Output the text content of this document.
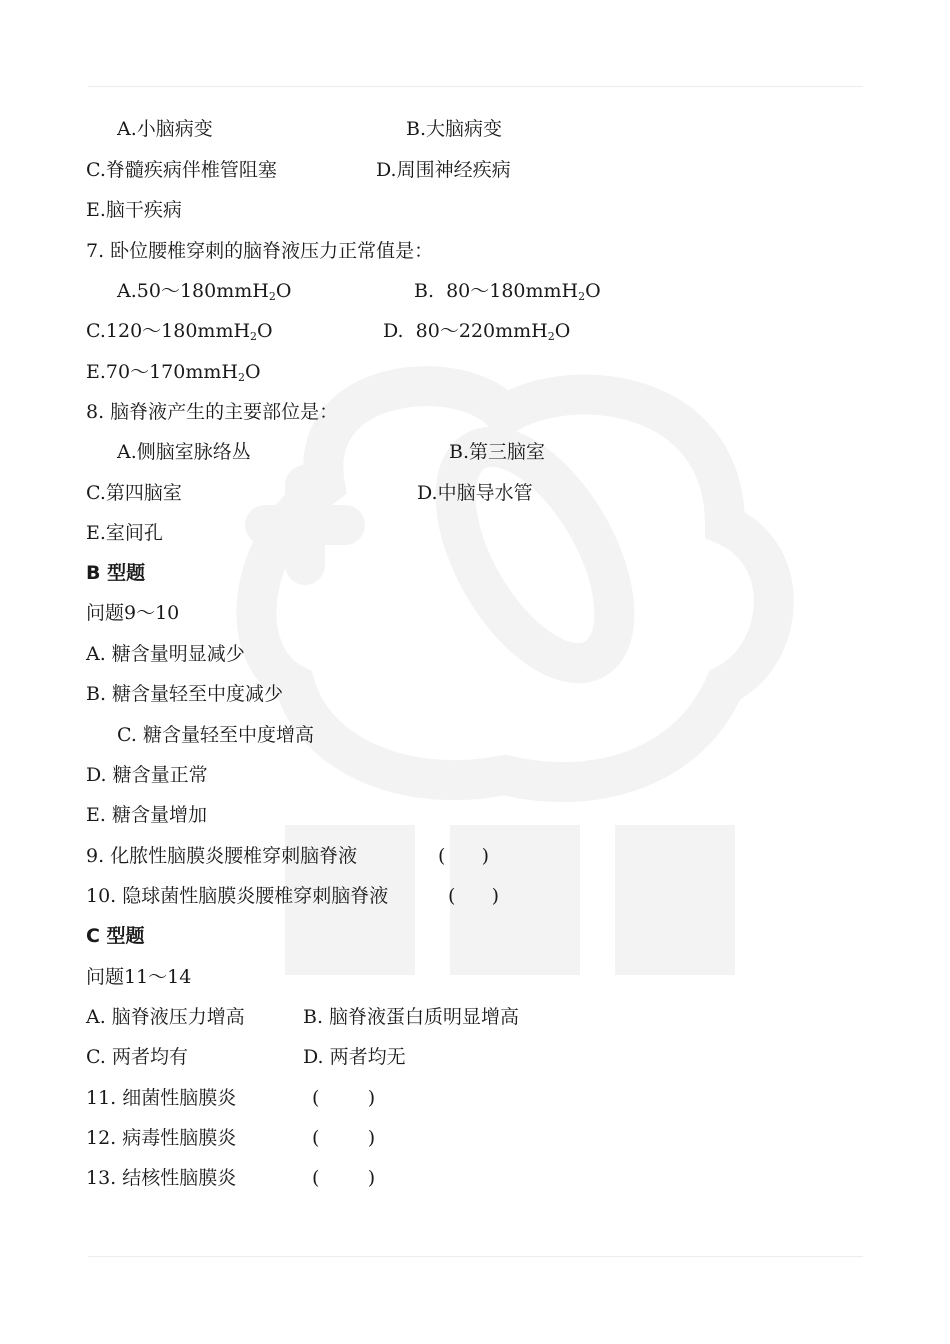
A.小脑病变	B.大脑病变
C.脊髓疾病伴椎管阻塞	D.周围神经疾病
E.脑干疾病
7. 卧位腰椎穿刺的脑脊液压力正常值是：
A.50～180mmH$_2$O	B.  80～180mmH$_2$O
C.120～180mmH$_2$O	D.  80～220mmH$_2$O
E.70～170mmH$_2$O
8. 脑脊液产生的主要部位是：
A.侧脑室脉络丛	B.第三脑室
C.第四脑室	D.中脑导水管
E.室间孔
B 型题
问题9～10
A. 糖含量明显减少
B. 糖含量轻至中度减少
C. 糖含量轻至中度增高
D. 糖含量正常
E. 糖含量增加
9. 化脓性脑膜炎腰椎穿刺脑脊液	(      )
10. 隐球菌性脑膜炎腰椎穿刺脑脊液	(      )
C 型题
问题11～14
A. 脑脊液压力增高	B. 脑脊液蛋白质明显增高
C. 两者均有	D. 两者均无
11. 细菌性脑膜炎	(        )
12. 病毒性脑膜炎	(        )
13. 结核性脑膜炎	(        )
